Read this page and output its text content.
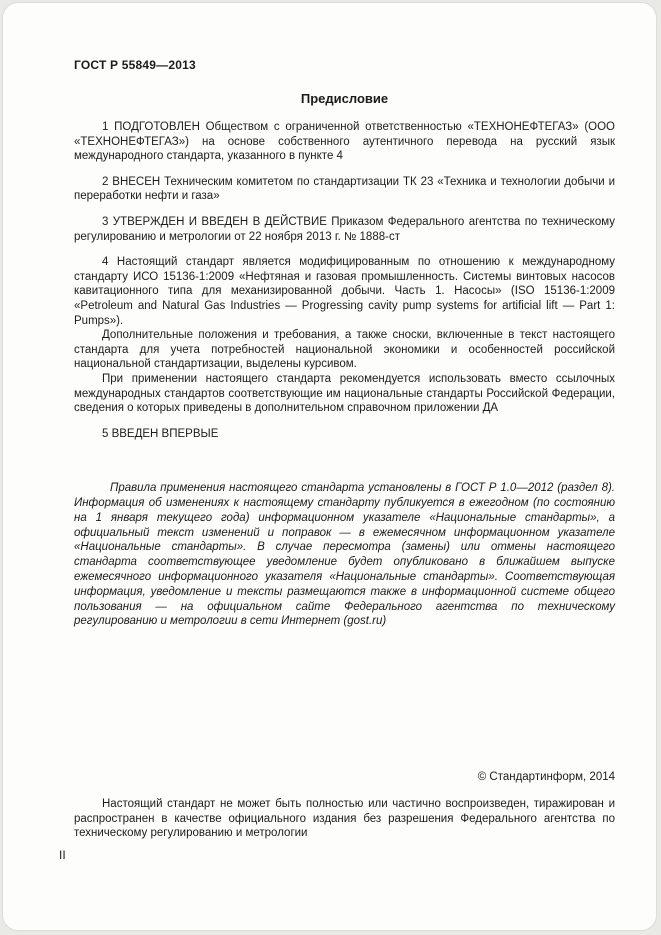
ГОСТ Р 55849—2013
Предисловие

1 ПОДГОТОВЛЕН Обществом с ограниченной ответственностью «ТЕХНОНЕФТЕГАЗ» (ООО «ТЕХНОНЕФТЕГАЗ») на основе собственного аутентичного перевода на русский язык международного стандарта, указанного в пункте 4

2 ВНЕСЕН Техническим комитетом по стандартизации ТК 23 «Техника и технологии добычи и переработки нефти и газа»

3 УТВЕРЖДЕН И ВВЕДЕН В ДЕЙСТВИЕ Приказом Федерального агентства по техническому регулированию и метрологии от 22 ноября 2013 г. № 1888-ст

4 Настоящий стандарт является модифицированным по отношению к международному стандарту ИСО 15136-1:2009 «Нефтяная и газовая промышленность. Системы винтовых насосов кавитационного типа для механизированной добычи. Часть 1. Насосы» (ISO 15136-1:2009 «Petroleum and Natural Gas Industries — Progressing cavity pump systems for artificial lift — Part 1: Pumps»).

Дополнительные положения и требования, а также сноски, включенные в текст настоящего стандарта для учета потребностей национальной экономики и особенностей российской национальной стандартизации, выделены курсивом.

При применении настоящего стандарта рекомендуется использовать вместо ссылочных международных стандартов соответствующие им национальные стандарты Российской Федерации, сведения о которых приведены в дополнительном справочном приложении ДА

5 ВВЕДЕН ВПЕРВЫЕ

Правила применения настоящего стандарта установлены в ГОСТ Р 1.0—2012 (раздел 8). Информация об изменениях к настоящему стандарту публикуется в ежегодном (по состоянию на 1 января текущего года) информационном указателе «Национальные стандарты», а официальный текст изменений и поправок — в ежемесячном информационном указателе «Национальные стандарты». В случае пересмотра (замены) или отмены настоящего стандарта соответствующее уведомление будет опубликовано в ближайшем выпуске ежемесячного информационного указателя «Национальные стандарты». Соответствующая информация, уведомление и тексты размещаются также в информационной системе общего пользования — на официальном сайте Федерального агентства по техническому регулированию и метрологии в сети Интернет (gost.ru)

© Стандартинформ, 2014
Настоящий стандарт не может быть полностью или частично воспроизведен, тиражирован и распространен в качестве официального издания без разрешения Федерального агентства по техническому регулированию и метрологии
II
